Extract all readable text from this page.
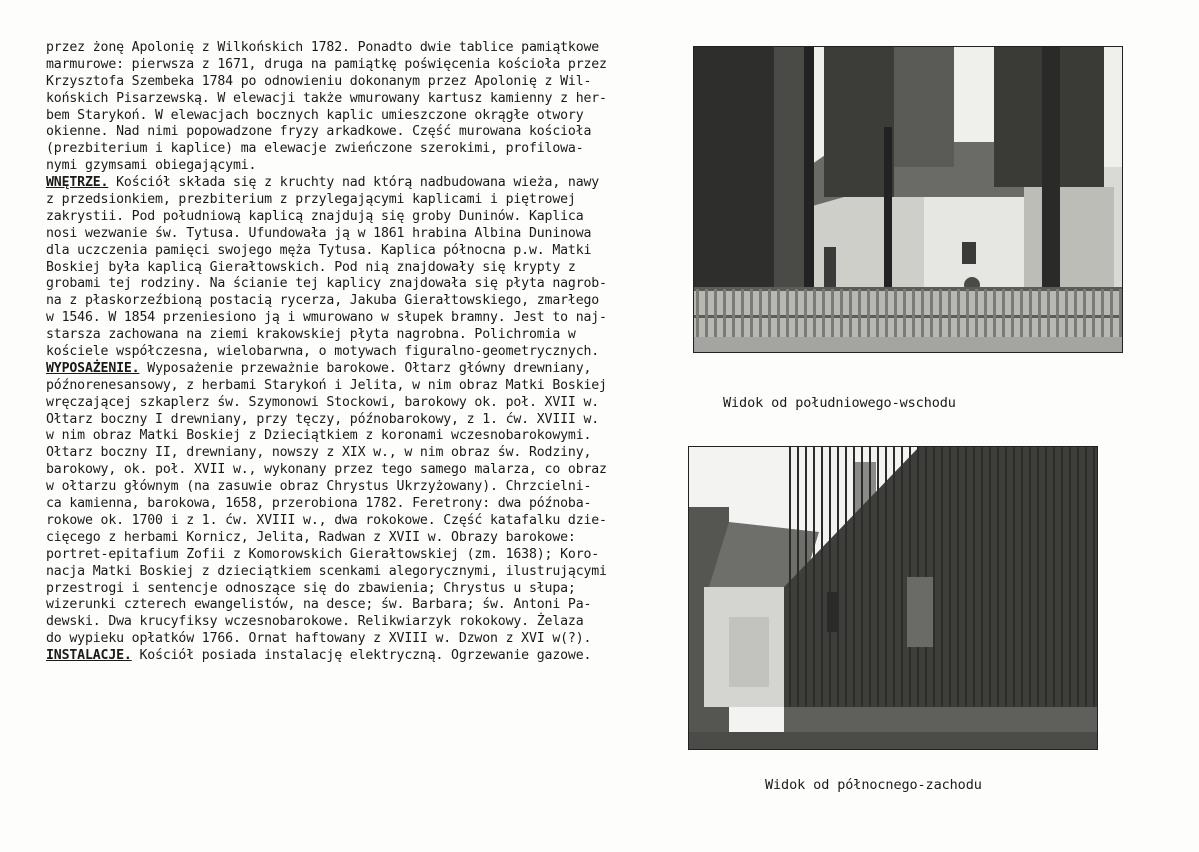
przez żonę Apolonię z Wilkońskich 1782. Ponadto dwie tablice pamiątkowe
marmurowe: pierwsza z 1671, druga na pamiątkę poświęcenia kościoła przez
Krzysztofa Szembeka 1784 po odnowieniu dokonanym przez Apolonię z Wil-
końskich Pisarzewską. W elewacji także wmurowany kartusz kamienny z her-
bem Starykoń. W elewacjach bocznych kaplic umieszczone okrągłe otwory
okienne. Nad nimi popowadzone fryzy arkadkowe. Część murowana kościoła
(prezbiterium i kaplice) ma elewacje zwieńczone szerokimi, profilowa-
nymi gzymsami obiegającymi.
WNĘTRZE. Kościół składa się z kruchty nad którą nadbudowana wieża, nawy
z przedsionkiem, prezbiterium z przylegającymi kaplicami i piętrowej
zakrystii. Pod południową kaplicą znajdują się groby Duninów. Kaplica
nosi wezwanie św. Tytusa. Ufundowała ją w 1861 hrabina Albina Duninowa
dla uczczenia pamięci swojego męża Tytusa. Kaplica północna p.w. Matki
Boskiej była kaplicą Gierałtowskich. Pod nią znajdowały się krypty z
grobami tej rodziny. Na ścianie tej kaplicy znajdowała się płyta nagrob-
na z płaskorzeźbioną postacią rycerza, Jakuba Gierałtowskiego, zmarłego
w 1546. W 1854 przeniesiono ją i wmurowano w słupek bramny. Jest to naj-
starsza zachowana na ziemi krakowskiej płyta nagrobna. Polichromia w
kościele współczesna, wielobarwna, o motywach figuralno-geometrycznych.
WYPOSAŻENIE. Wyposażenie przeważnie barokowe. Ołtarz główny drewniany,
późnorenesansowy, z herbami Starykoń i Jelita, w nim obraz Matki Boskiej
wręczającej szkaplerz św. Szymonowi Stockowi, barokowy ok. poł. XVII w.
Ołtarz boczny I drewniany, przy tęczy, późnobarokowy, z 1. ćw. XVIII w.
w nim obraz Matki Boskiej z Dzieciątkiem z koronami wczesnobarokowymi.
Ołtarz boczny II, drewniany, nowszy z XIX w., w nim obraz św. Rodziny,
barokowy, ok. poł. XVII w., wykonany przez tego samego malarza, co obraz
w ołtarzu głównym (na zasuwie obraz Chrystus Ukrzyżowany). Chrzcielni-
ca kamienna, barokowa, 1658, przerobiona 1782. Feretrony: dwa późnoba-
rokowe ok. 1700 i z 1. ćw. XVIII w., dwa rokokowe. Część katafalku dzie-
cięcego z herbami Kornicz, Jelita, Radwan z XVII w. Obrazy barokowe:
portret-epitafium Zofii z Komorowskich Gierałtowskiej (zm. 1638); Koro-
nacja Matki Boskiej z dzieciątkiem scenkami alegorycznymi, ilustrującymi
przestrogi i sentencje odnoszące się do zbawienia; Chrystus u słupa;
wizerunki czterech ewangelistów, na desce; św. Barbara; św. Antoni Pa-
dewski. Dwa krucyfiksy wczesnobarokowe. Relikwiarzyk rokokowy. Żelaza
do wypieku opłatków 1766. Ornat haftowany z XVIII w. Dzwon z XVI w(?).
INSTALACJE. Kościół posiada instalację elektryczną. Ogrzewanie gazowe.
Widok od południowego-wschodu
Widok od północnego-zachodu
